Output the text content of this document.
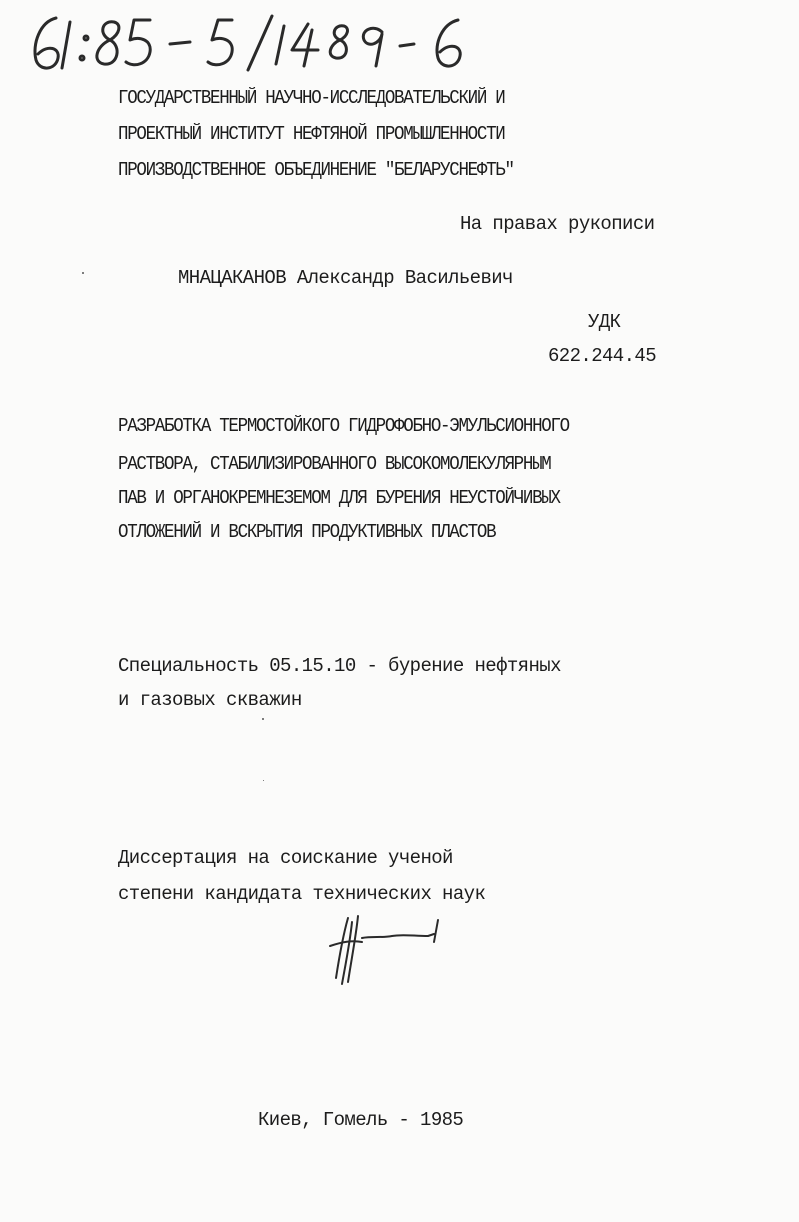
ГОСУДАРСТВЕННЫЙ НАУЧНО-ИССЛЕДОВАТЕЛЬСКИЙ И
ПРОЕКТНЫЙ ИНСТИТУТ НЕФТЯНОЙ ПРОМЫШЛЕННОСТИ
ПРОИЗВОДСТВЕННОЕ ОБЪЕДИНЕНИЕ "БЕЛАРУСНЕФТЬ"
На правах рукописи
МНАЦАКАНОВ Александр Васильевич
УДК
622.244.45
РАЗРАБОТКА ТЕРМОСТОЙКОГО ГИДРОФОБНО-ЭМУЛЬСИОННОГО
РАСТВОРА, СТАБИЛИЗИРОВАННОГО ВЫСОКОМОЛЕКУЛЯРНЫМ
ПАВ И ОРГАНОКРЕМНЕЗЕМОМ ДЛЯ БУРЕНИЯ НЕУСТОЙЧИВЫХ
ОТЛОЖЕНИЙ И ВСКРЫТИЯ ПРОДУКТИВНЫХ ПЛАСТОВ
Специальность 05.15.10 - бурение нефтяных
и газовых скважин
Диссертация на соискание ученой
степени кандидата технических наук
Киев, Гомель - 1985
